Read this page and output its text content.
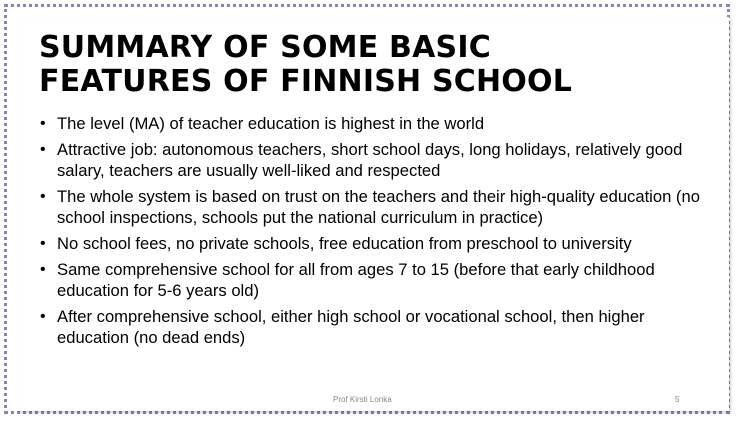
SUMMARY OF SOME BASIC
FEATURES OF FINNISH SCHOOL
• The level (MA) of teacher education is highest in the world
• Attractive job: autonomous teachers, short school days, long holidays, relatively good salary, teachers are usually well-liked and respected
• The whole system is based on trust on the teachers and their high-quality education (no school inspections, schools put the national curriculum in practice)
• No school fees, no private schools, free education from preschool to university
• Same comprehensive school for all from ages 7 to 15 (before that early childhood education for 5-6 years old)
• After comprehensive school, either high school or vocational school, then higher education (no dead ends)
Prof Kirsti Lonka	5
